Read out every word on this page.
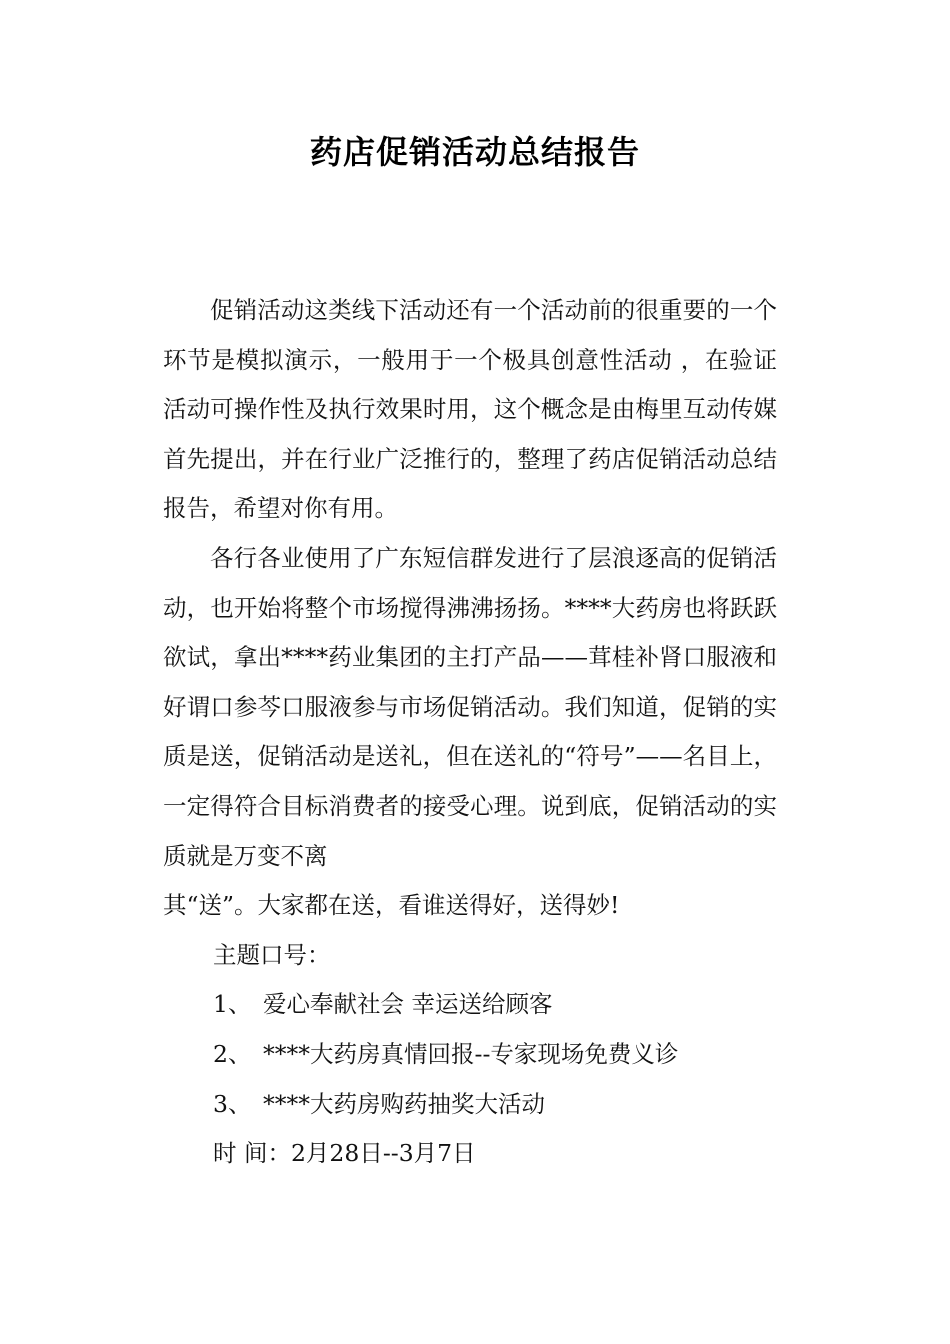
药店促销活动总结报告

促销活动这类线下活动还有一个活动前的很重要的一个环节是模拟演示，一般用于一个极具创意性活动 ，在验证活动可操作性及执行效果时用，这个概念是由梅里互动传媒首先提出，并在行业广泛推行的，整理了药店促销活动总结报告，希望对你有用。

各行各业使用了广东短信群发进行了层浪逐高的促销活动，也开始将整个市场搅得沸沸扬扬。****大药房也将跃跃欲试，拿出****药业集团的主打产品——茸桂补肾口服液和好谓口参芩口服液参与市场促销活动。我们知道，促销的实质是送，促销活动是送礼，但在送礼的“符号”——名目上，一定得符合目标消费者的接受心理。说到底，促销活动的实质就是万变不离

其“送”。大家都在送，看谁送得好，送得妙!

主题口号：

1、 爱心奉献社会 幸运送给顾客

2、 ****大药房真情回报--专家现场免费义诊

3、 ****大药房购药抽奖大活动

时 间：2月28日--3月7日
